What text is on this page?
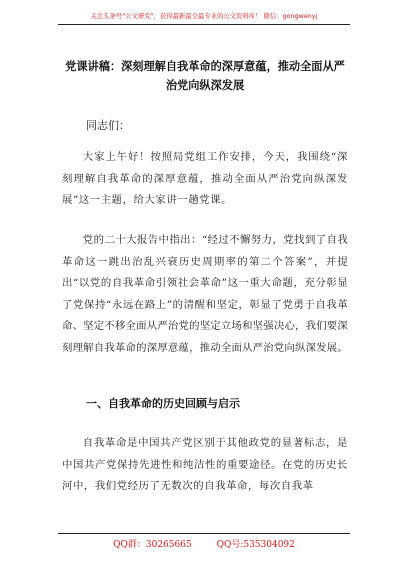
关注头条号"公文研究"，获得最新最全最专业的公文资料库！ 微信：gongwenyj
党课讲稿：深刻理解自我革命的深厚意蕴，推动全面从严治党向纵深发展
同志们：

大家上午好！按照局党组工作安排，今天，我围绕“深刻理解自我革命的深厚意蕴，推动全面从严治党向纵深发展”这一主题，给大家讲一趟党课。

党的二十大报告中指出：“经过不懈努力，党找到了自我革命这一跳出治乱兴衰历史周期率的第二个答案”，并提出“以党的自我革命引领社会革命”这一重大命题，充分彰显了党保持“永远在路上”的清醒和坚定，彰显了党勇于自我革命、坚定不移全面从严治党的坚定立场和坚强决心，我们要深刻理解自我革命的深厚意蕴，推动全面从严治党向纵深发展。

一、自我革命的历史回顾与启示

自我革命是中国共产党区别于其他政党的显著标志，是中国共产党保持先进性和纯洁性的重要途径。在党的历史长河中，我们党经历了无数次的自我革命，每次自我革

QQ群：30265665	QQ号:535304092
